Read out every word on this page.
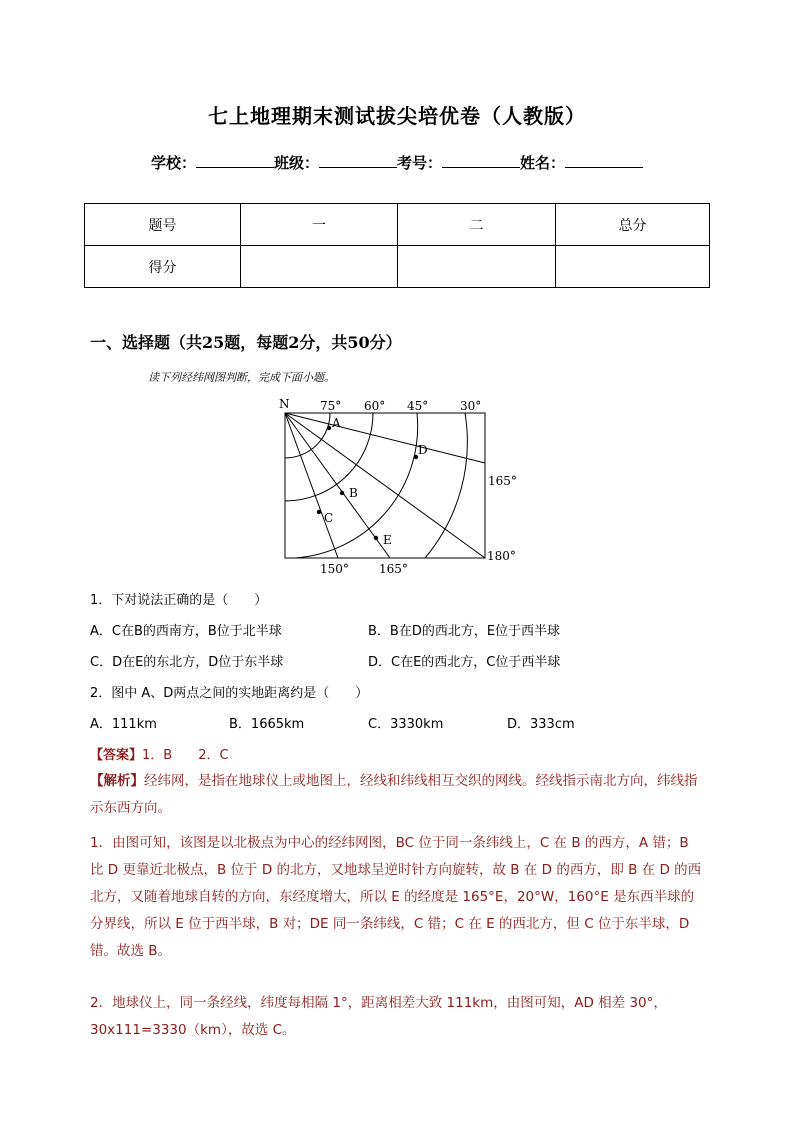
七上地理期末测试拔尖培优卷（人教版）
学校：	班级：	考号：	姓名：
题号	一	二	总分
得分			
一、选择题（共25题，每题2分，共50分）
读下列经纬网图判断，完成下面小题。
N	75° 60° 45°	30°
165°
180°
150°	165°
A
D
B
C
E
1．下对说法正确的是（　　）
A．C在B的西南方，B位于北半球	B．B在D的西北方，E位于西半球
C．D在E的东北方，D位于东半球	D．C在E的西北方，C位于西半球
2．图中 A、D两点之间的实地距离约是（　　）
A．111km	B．1665km	C．3330km	D．333cm
【答案】1．B　　2．C
【解析】经纬网，是指在地球仪上或地图上，经线和纬线相互交织的网线。经线指示南北方向，纬线指示东西方向。
1．由图可知，该图是以北极点为中心的经纬网图，BC 位于同一条纬线上，C 在 B 的西方，A 错；B 比 D 更靠近北极点，B 位于 D 的北方，又地球呈逆时针方向旋转，故 B 在 D 的西方，即 B 在 D 的西北方，又随着地球自转的方向，东经度增大，所以 E 的经度是 165°E，20°W，160°E 是东西半球的分界线，所以 E 位于西半球，B 对；DE 同一条纬线，C 错；C 在 E 的西北方，但 C 位于东半球，D 错。故选 B。
2．地球仪上，同一条经线，纬度每相隔 1°，距离相差大致 111km，由图可知，AD 相差 30°，30x111=3330（km），故选 C。
